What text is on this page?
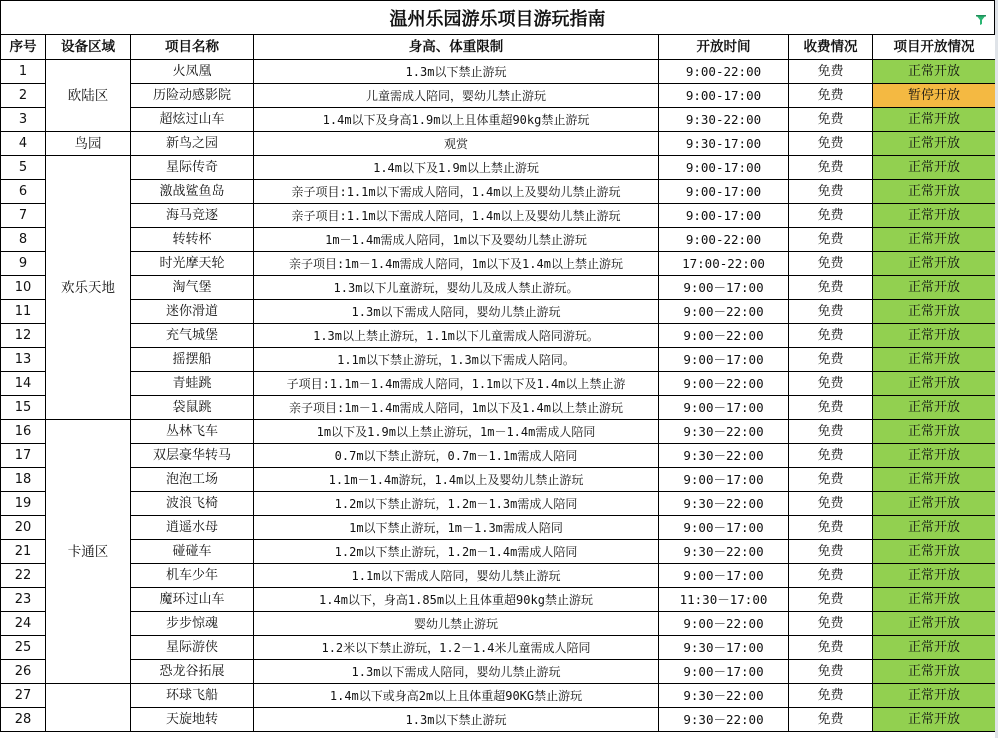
温州乐园游乐项目游玩指南
序号	设备区域	项目名称	身高、体重限制	开放时间	收费情况	项目开放情况
1	欧陆区	火凤凰	1.3m以下禁止游玩	9:00-22:00	免费	正常开放
2		历险动感影院	儿童需成人陪同，婴幼儿禁止游玩	9:00-17:00	免费	暂停开放
3		超炫过山车	1.4m以下及身高1.9m以上且体重超90kg禁止游玩	9:30-22:00	免费	正常开放
4	鸟园	新鸟之园	观赏	9:30-17:00	免费	正常开放
5	欢乐天地	星际传奇	1.4m以下及1.9m以上禁止游玩	9:00-17:00	免费	正常开放
6		激战鲨鱼岛	亲子项目:1.1m以下需成人陪同，1.4m以上及婴幼儿禁止游玩	9:00-17:00	免费	正常开放
7		海马竞逐	亲子项目:1.1m以下需成人陪同，1.4m以上及婴幼儿禁止游玩	9:00-17:00	免费	正常开放
8		转转杯	1m－1.4m需成人陪同，1m以下及婴幼儿禁止游玩	9:00-22:00	免费	正常开放
9		时光摩天轮	亲子项目:1m－1.4m需成人陪同，1m以下及1.4m以上禁止游玩	17:00-22:00	免费	正常开放
10		淘气堡	1.3m以下儿童游玩，婴幼儿及成人禁止游玩。	9:00－17:00	免费	正常开放
11		迷你滑道	1.3m以下需成人陪同，婴幼儿禁止游玩	9:00－22:00	免费	正常开放
12		充气城堡	1.3m以上禁止游玩，1.1m以下儿童需成人陪同游玩。	9:00－22:00	免费	正常开放
13		摇摆船	1.1m以下禁止游玩，1.3m以下需成人陪同。	9:00－17:00	免费	正常开放
14		青蛙跳	子项目:1.1m－1.4m需成人陪同，1.1m以下及1.4m以上禁止游	9:00－22:00	免费	正常开放
15		袋鼠跳	亲子项目:1m－1.4m需成人陪同，1m以下及1.4m以上禁止游玩	9:00－17:00	免费	正常开放
16	卡通区	丛林飞车	1m以下及1.9m以上禁止游玩，1m－1.4m需成人陪同	9:30－22:00	免费	正常开放
17		双层豪华转马	0.7m以下禁止游玩，0.7m－1.1m需成人陪同	9:30－22:00	免费	正常开放
18		泡泡工场	1.1m－1.4m游玩，1.4m以上及婴幼儿禁止游玩	9:00－17:00	免费	正常开放
19		波浪飞椅	1.2m以下禁止游玩，1.2m－1.3m需成人陪同	9:30－22:00	免费	正常开放
20		逍遥水母	1m以下禁止游玩，1m－1.3m需成人陪同	9:00－17:00	免费	正常开放
21		碰碰车	1.2m以下禁止游玩，1.2m－1.4m需成人陪同	9:30－22:00	免费	正常开放
22		机车少年	1.1m以下需成人陪同，婴幼儿禁止游玩	9:00－17:00	免费	正常开放
23		魔环过山车	1.4m以下，身高1.85m以上且体重超90kg禁止游玩	11:30－17:00	免费	正常开放
24		步步惊魂	婴幼儿禁止游玩	9:00－22:00	免费	正常开放
25		星际游侠	1.2米以下禁止游玩，1.2－1.4米儿童需成人陪同	9:30－17:00	免费	正常开放
26		恐龙谷拓展	1.3m以下需成人陪同，婴幼儿禁止游玩	9:00－17:00	免费	正常开放
27		环球飞船	1.4m以下或身高2m以上且体重超90KG禁止游玩	9:30－22:00	免费	正常开放
28		天旋地转	1.3m以下禁止游玩	9:30－22:00	免费	正常开放
